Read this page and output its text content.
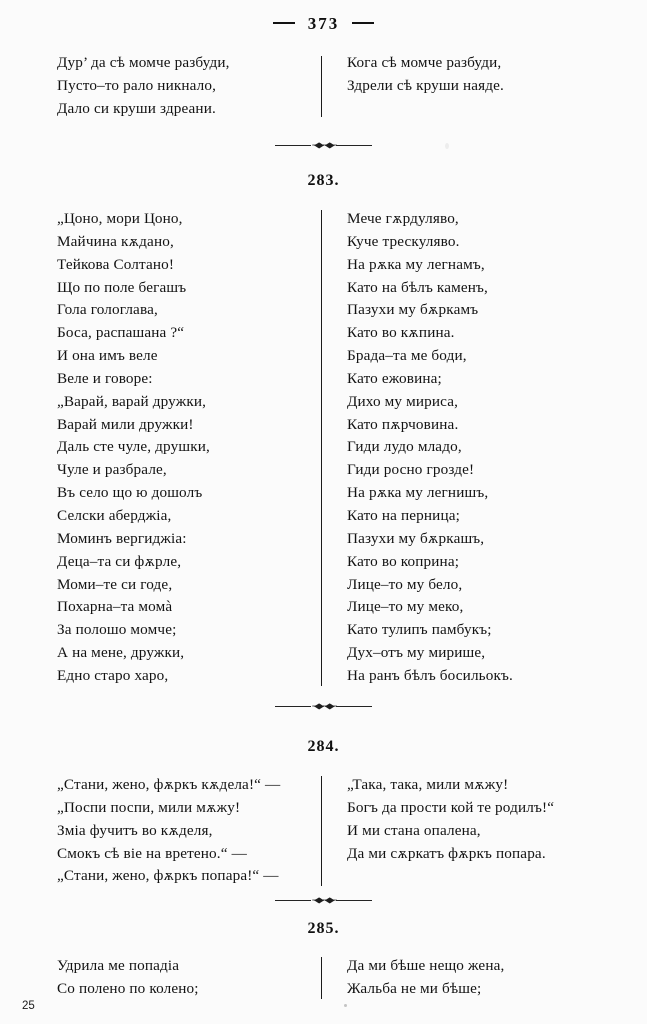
373
Дур’ да сѣ момче разбуди,
Пусто–то рало никнало,
Дало си круши здреани.
Кога сѣ момче разбуди,
Здрели сѣ круши наяде.
◦◆◦◆◦
283.
„Цоно, мори Цоно,
Майчина кѫдано,
Тейкова Солтано!
Що по поле бегашъ
Гола гологлава,
Боса, распашана ?“
И она имъ веле
Веле и говоре:
„Варай, варай дружки,
Варай мили дружки!
Даль сте чуле, друшки,
Чуле и разбрале,
Въ село що ю дошолъ
Селски аберджіа,
Моминъ вергиджіа:
Деца–та си фѫрле,
Моми–те си годе,
Похарна–та момà
За полошо момче;
А на мене, дружки,
Едно старо харо,
Мече гѫрдуляво,
Куче трескуляво.
На рѫка му легнамъ,
Като на бѣлъ каменъ,
Пазухи му бѫркамъ
Като во кѫпина.
Брада–та ме боди,
Като ежовина;
Дихо му мириса,
Като пѫрчовина.
Гиди лудо младо,
Гиди росно грозде!
На рѫка му легнишъ,
Като на перница;
Пазухи му бѫркашъ,
Като во коприна;
Лице–то му бело,
Лице–то му меко,
Като тулипъ памбукъ;
Дух–отъ му мирише,
На ранъ бѣлъ босильокъ.
◦◆◦◆◦
284.
„Стани, жено, фѫркъ кѫдела!“ —
„Поспи поспи, мили мѫжу!
Зміа фучитъ во кѫделя,
Смокъ сѣ віе на вретено.“ —
„Стани, жено, фѫркъ попара!“ —
„Така, така, мили мѫжу!
Богъ да прости кой те родилъ!“
И ми стана опалена,
Да ми сѫркатъ фѫркъ попара.
◦◆◦◆◦
285.
Удрила ме попадіа
Со полено по колено;
Да ми бѣше нещо жена,
Жальба не ми бѣше;
25
